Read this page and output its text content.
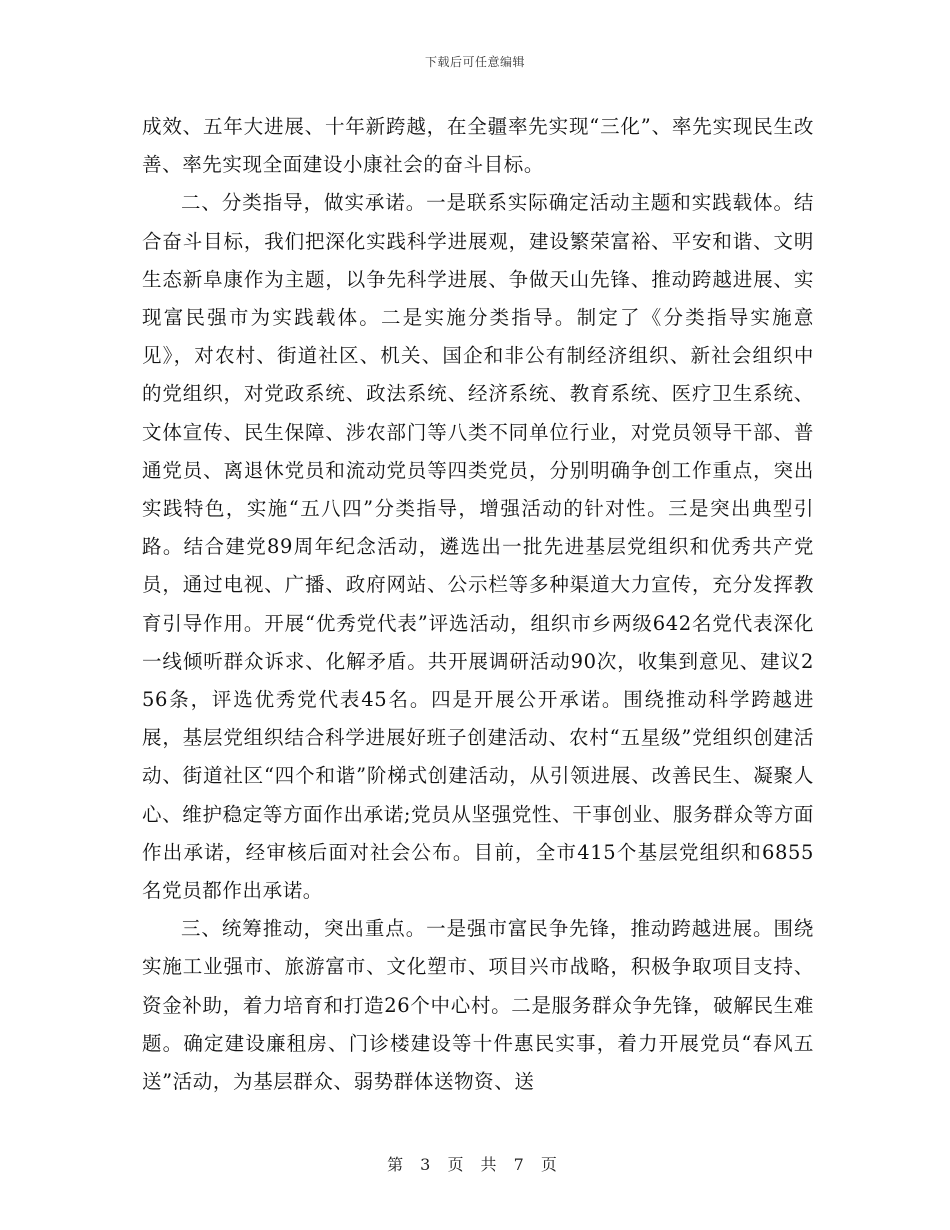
下载后可任意编辑

成效、五年大进展、十年新跨越，在全疆率先实现“三化”、率先实现民生改善、率先实现全面建设小康社会的奋斗目标。

二、分类指导，做实承诺。一是联系实际确定活动主题和实践载体。结合奋斗目标，我们把深化实践科学进展观，建设繁荣富裕、平安和谐、文明生态新阜康作为主题，以争先科学进展、争做天山先锋、推动跨越进展、实现富民强市为实践载体。二是实施分类指导。制定了《分类指导实施意见》，对农村、街道社区、机关、国企和非公有制经济组织、新社会组织中的党组织，对党政系统、政法系统、经济系统、教育系统、医疗卫生系统、文体宣传、民生保障、涉农部门等八类不同单位行业，对党员领导干部、普通党员、离退休党员和流动党员等四类党员，分别明确争创工作重点，突出实践特色，实施“五八四”分类指导，增强活动的针对性。三是突出典型引路。结合建党89周年纪念活动，遴选出一批先进基层党组织和优秀共产党员，通过电视、广播、政府网站、公示栏等多种渠道大力宣传，充分发挥教育引导作用。开展“优秀党代表”评选活动，组织市乡两级642名党代表深化一线倾听群众诉求、化解矛盾。共开展调研活动90次，收集到意见、建议256条，评选优秀党代表45名。四是开展公开承诺。围绕推动科学跨越进展，基层党组织结合科学进展好班子创建活动、农村“五星级”党组织创建活动、街道社区“四个和谐”阶梯式创建活动，从引领进展、改善民生、凝聚人心、维护稳定等方面作出承诺;党员从坚强党性、干事创业、服务群众等方面作出承诺，经审核后面对社会公布。目前，全市415个基层党组织和6855名党员都作出承诺。

三、统筹推动，突出重点。一是强市富民争先锋，推动跨越进展。围绕实施工业强市、旅游富市、文化塑市、项目兴市战略，积极争取项目支持、资金补助，着力培育和打造26个中心村。二是服务群众争先锋，破解民生难题。确定建设廉租房、门诊楼建设等十件惠民实事，着力开展党员“春风五送”活动，为基层群众、弱势群体送物资、送

第 3 页 共 7 页
